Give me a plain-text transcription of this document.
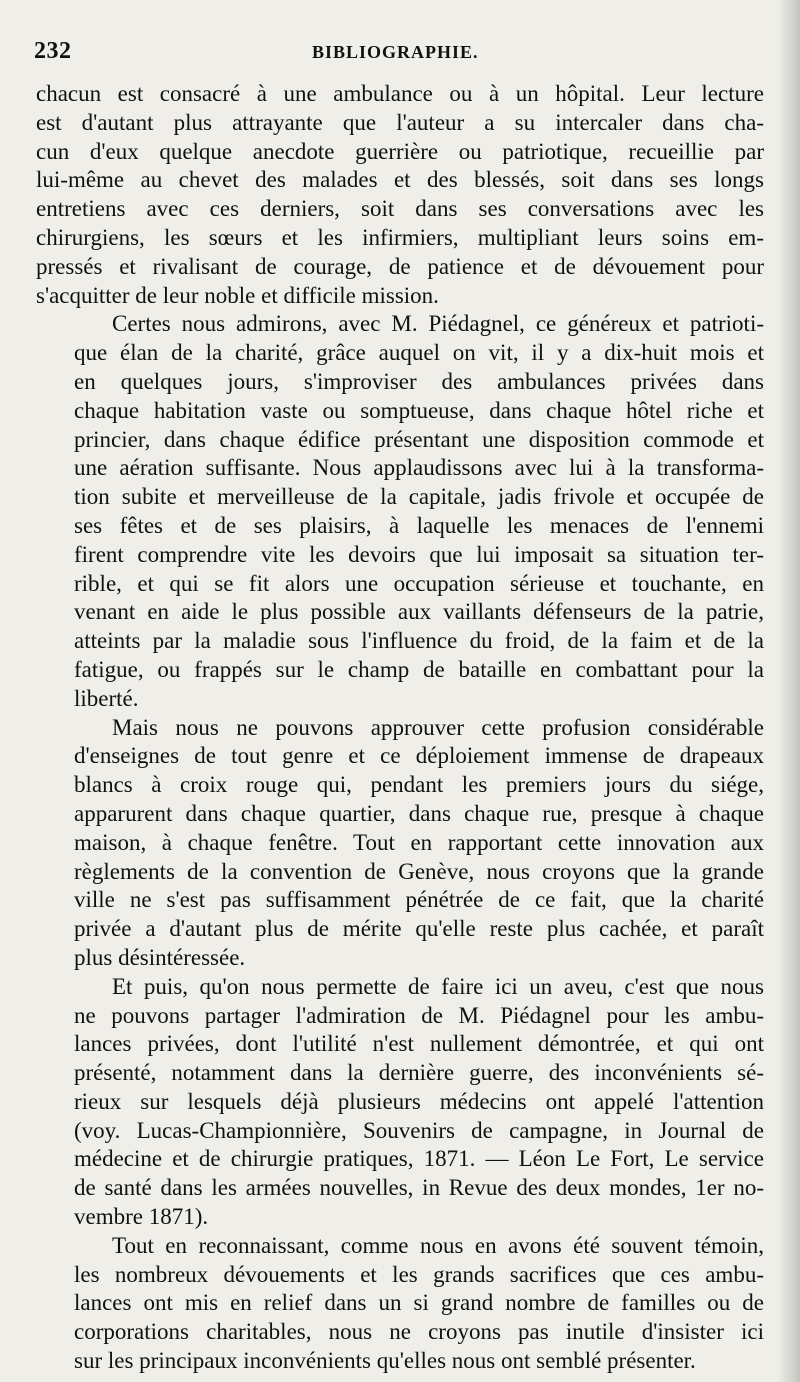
232	BIBLIOGRAPHIE.

chacun est consacré à une ambulance ou à un hôpital. Leur lecture
est d'autant plus attrayante que l'auteur a su intercaler dans cha-
cun d'eux quelque anecdote guerrière ou patriotique, recueillie par
lui-même au chevet des malades et des blessés, soit dans ses longs
entretiens avec ces derniers, soit dans ses conversations avec les
chirurgiens, les sœurs et les infirmiers, multipliant leurs soins em-
pressés et rivalisant de courage, de patience et de dévouement pour
s'acquitter de leur noble et difficile mission.

Certes nous admirons, avec M. Piédagnel, ce généreux et patrioti-
que élan de la charité, grâce auquel on vit, il y a dix-huit mois et
en quelques jours, s'improviser des ambulances privées dans
chaque habitation vaste ou somptueuse, dans chaque hôtel riche et
princier, dans chaque édifice présentant une disposition commode et
une aération suffisante. Nous applaudissons avec lui à la transforma-
tion subite et merveilleuse de la capitale, jadis frivole et occupée de
ses fêtes et de ses plaisirs, à laquelle les menaces de l'ennemi
firent comprendre vite les devoirs que lui imposait sa situation ter-
rible, et qui se fit alors une occupation sérieuse et touchante, en
venant en aide le plus possible aux vaillants défenseurs de la patrie,
atteints par la maladie sous l'influence du froid, de la faim et de la
fatigue, ou frappés sur le champ de bataille en combattant pour la
liberté.

Mais nous ne pouvons approuver cette profusion considérable
d'enseignes de tout genre et ce déploiement immense de drapeaux
blancs à croix rouge qui, pendant les premiers jours du siége,
apparurent dans chaque quartier, dans chaque rue, presque à chaque
maison, à chaque fenêtre. Tout en rapportant cette innovation aux
règlements de la convention de Genève, nous croyons que la grande
ville ne s'est pas suffisamment pénétrée de ce fait, que la charité
privée a d'autant plus de mérite qu'elle reste plus cachée, et paraît
plus désintéressée.

Et puis, qu'on nous permette de faire ici un aveu, c'est que nous
ne pouvons partager l'admiration de M. Piédagnel pour les ambu-
lances privées, dont l'utilité n'est nullement démontrée, et qui ont
présenté, notamment dans la dernière guerre, des inconvénients sé-
rieux sur lesquels déjà plusieurs médecins ont appelé l'attention
(voy. Lucas-Championnière, Souvenirs de campagne, in Journal de
médecine et de chirurgie pratiques, 1871. — Léon Le Fort, Le service
de santé dans les armées nouvelles, in Revue des deux mondes, 1er no-
vembre 1871).

Tout en reconnaissant, comme nous en avons été souvent témoin,
les nombreux dévouements et les grands sacrifices que ces ambu-
lances ont mis en relief dans un si grand nombre de familles ou de
corporations charitables, nous ne croyons pas inutile d'insister ici
sur les principaux inconvénients qu'elles nous ont semblé présenter.
